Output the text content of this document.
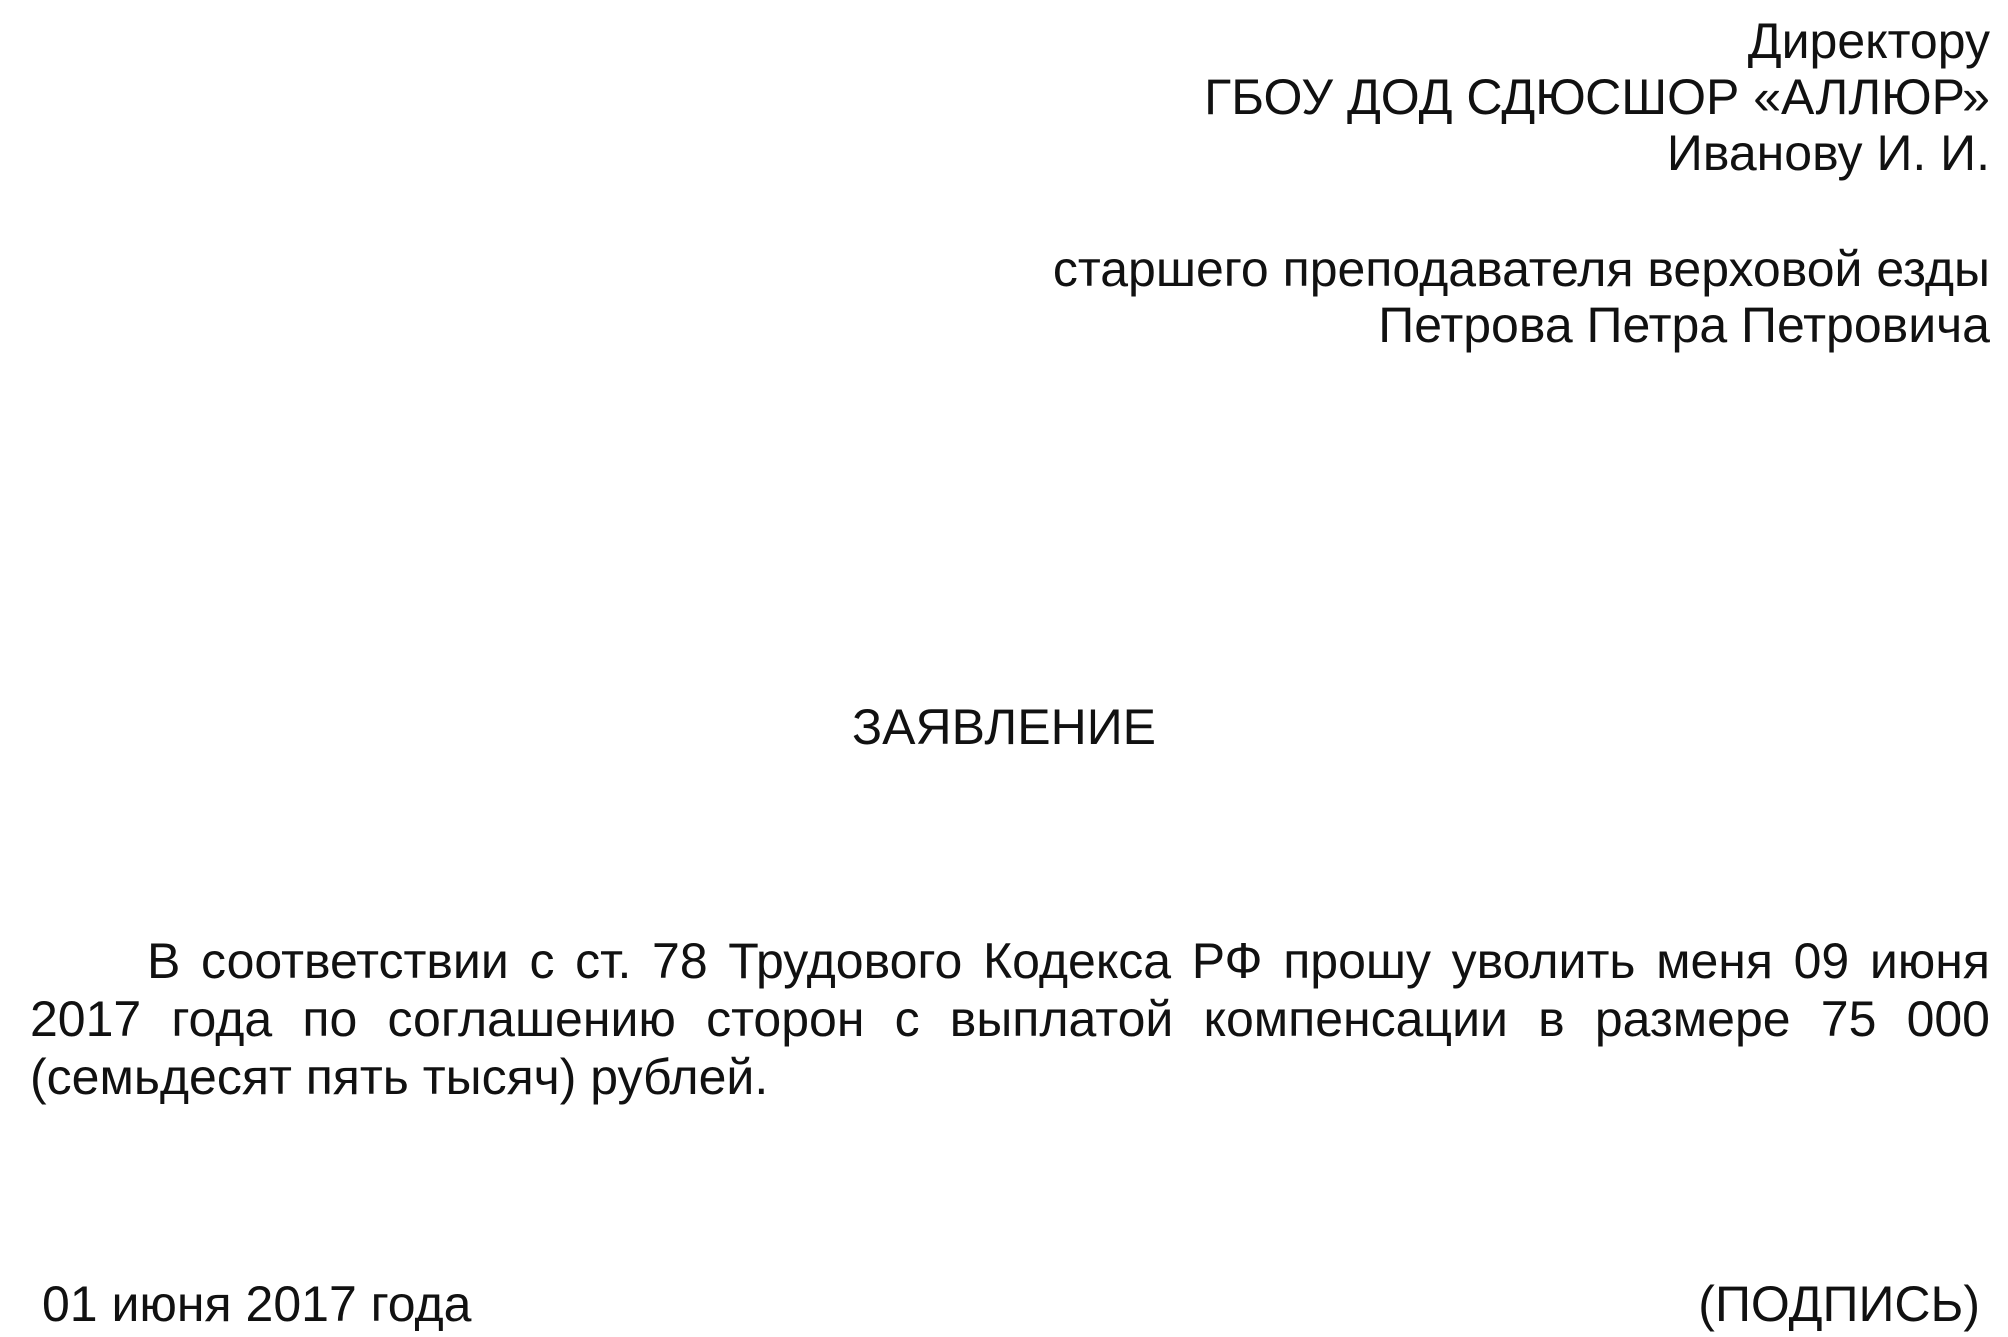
Директору
ГБОУ ДОД СДЮСШОР «АЛЛЮР»
Иванову И. И.
старшего преподавателя верховой езды
Петрова Петра Петровича
ЗАЯВЛЕНИЕ
В соответствии с ст. 78 Трудового Кодекса РФ прошу уволить меня 09 июня 2017 года по соглашению сторон с выплатой компенсации в размере 75 000 (семьдесят пять тысяч) рублей.
01 июня 2017 года	(ПОДПИСЬ)
